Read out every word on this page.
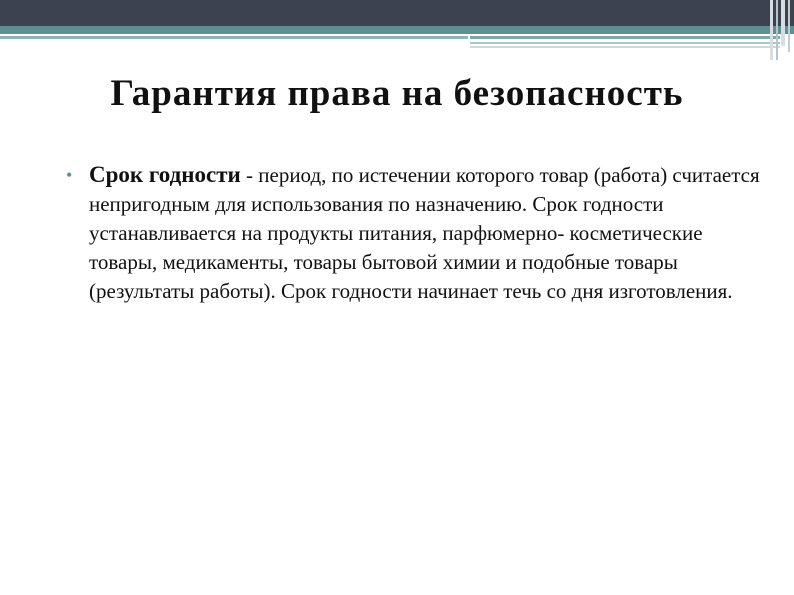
Гарантия права на безопасность
• Срок годности - период, по истечении которого товар (работа) считается непригодным для использования по назначению. Срок годности устанавливается на продукты питания, парфюмерно- косметические товары, медикаменты, товары бытовой химии и подобные товары (результаты работы). Срок годности начинает течь со дня изготовления.
